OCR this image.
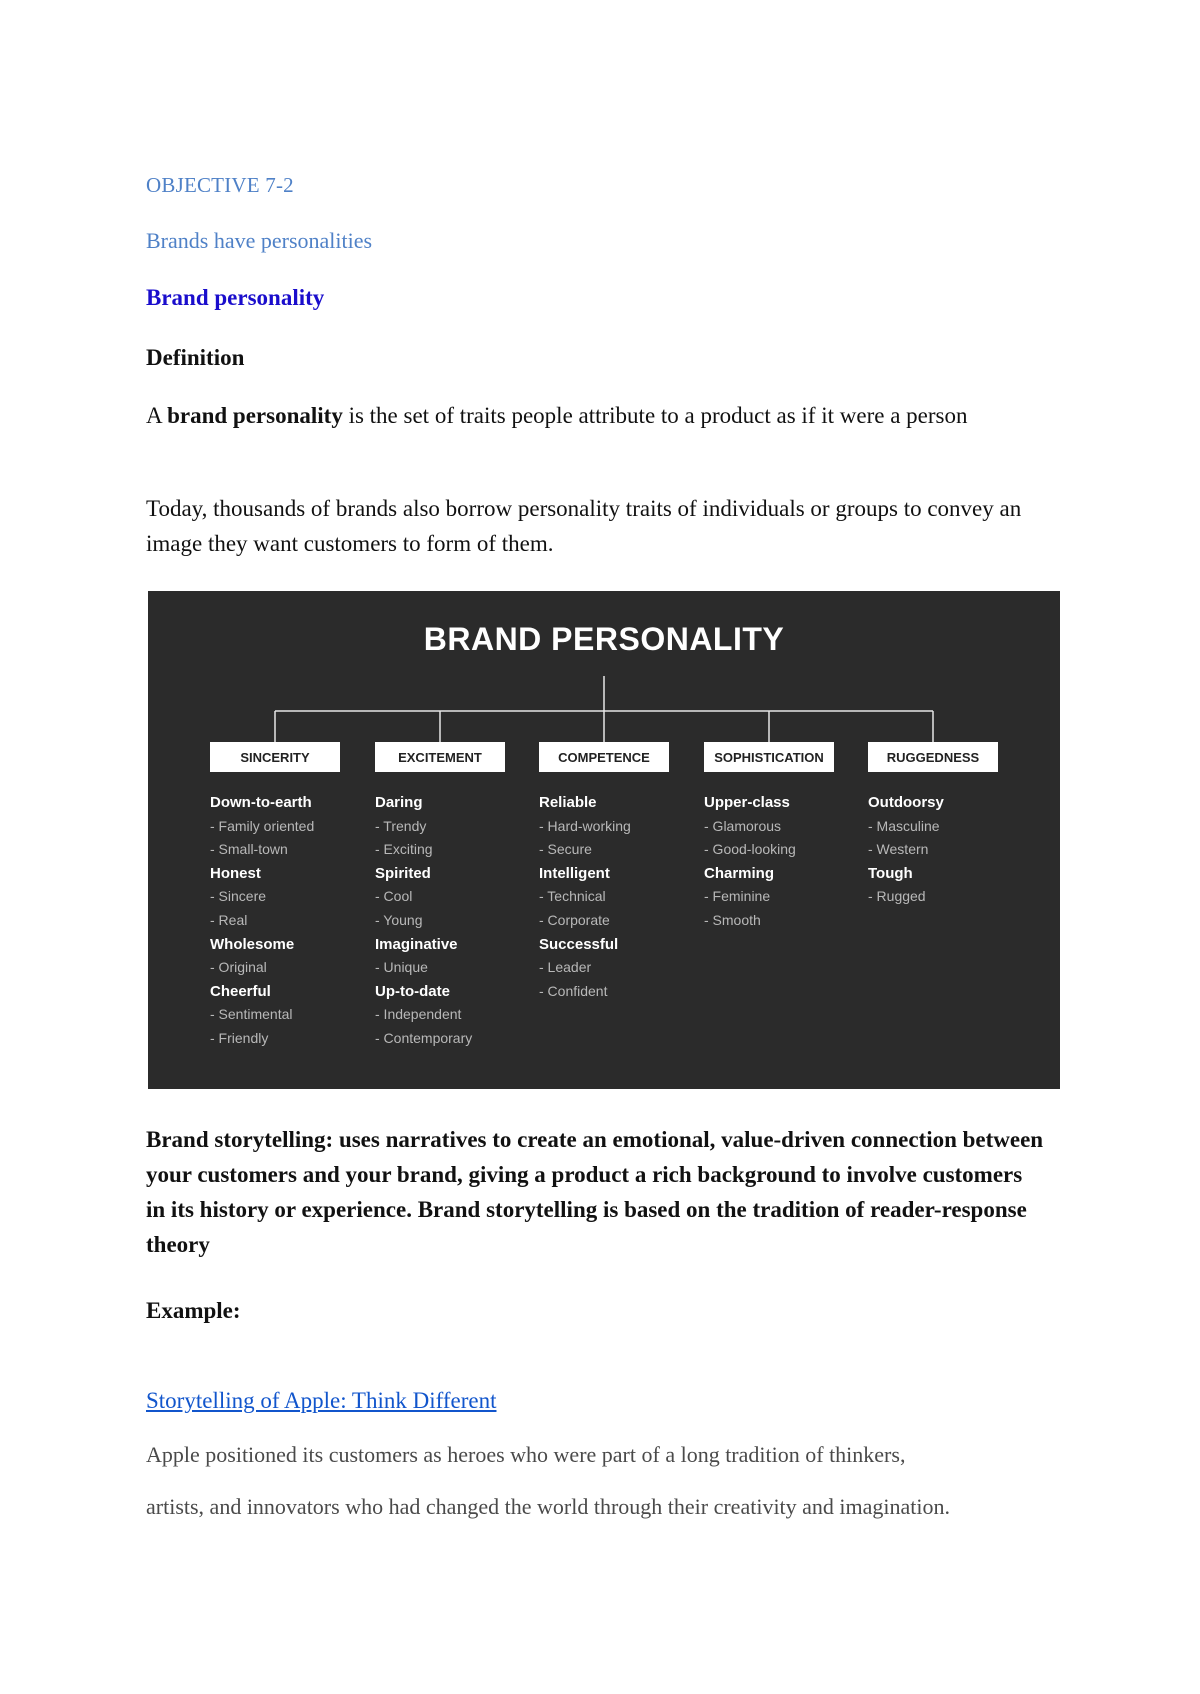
OBJECTIVE 7-2

Brands have personalities

Brand personality

Definition

A brand personality is the set of traits people attribute to a product as if it were a person

Today, thousands of brands also borrow personality traits of individuals or groups to convey an image they want customers to form of them.

BRAND PERSONALITY
SINCERITY
Down-to-earth
- Family oriented
- Small-town
Honest
- Sincere
- Real
Wholesome
- Original
Cheerful
- Sentimental
- Friendly
EXCITEMENT
Daring
- Trendy
- Exciting
Spirited
- Cool
- Young
Imaginative
- Unique
Up-to-date
- Independent
- Contemporary
COMPETENCE
Reliable
- Hard-working
- Secure
Intelligent
- Technical
- Corporate
Successful
- Leader
- Confident
SOPHISTICATION
Upper-class
- Glamorous
- Good-looking
Charming
- Feminine
- Smooth
RUGGEDNESS
Outdoorsy
- Masculine
- Western
Tough
- Rugged

Brand storytelling: uses narratives to create an emotional, value-driven connection between your customers and your brand, giving a product a rich background to involve customers in its history or experience. Brand storytelling is based on the tradition of reader-response theory

Example:

Storytelling of Apple: Think Different

Apple positioned its customers as heroes who were part of a long tradition of thinkers,

artists, and innovators who had changed the world through their creativity and imagination.
